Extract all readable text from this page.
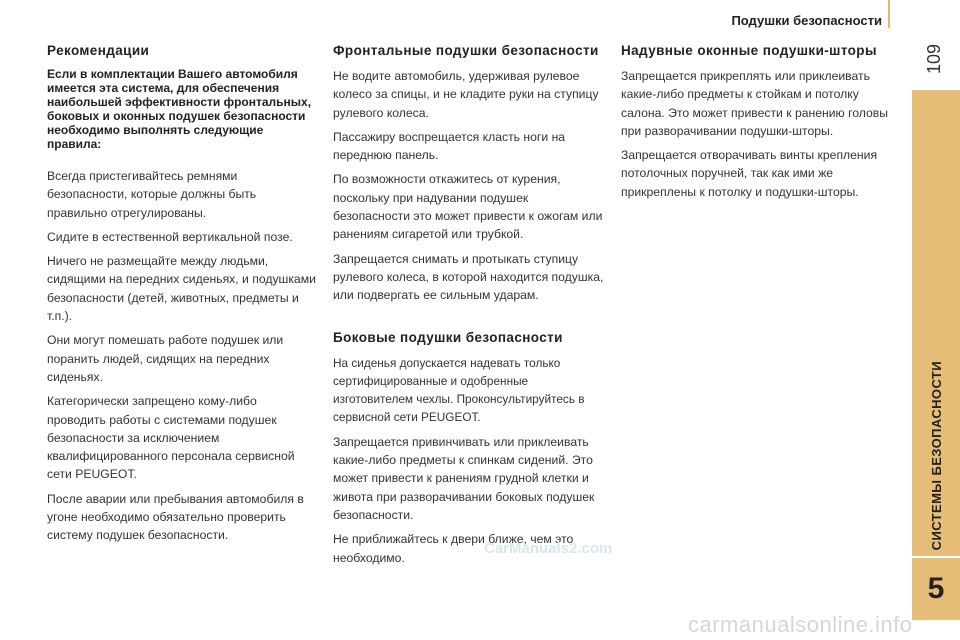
Подушки безопасности
109
СИСТЕМЫ БЕЗОПАСНОСТИ
5
Рекомендации
Если в комплектации Вашего автомобиля имеется эта система, для обеспечения наибольшей эффективности фронтальных, боковых и оконных подушек безопасности необходимо выполнять следующие правила:

Всегда пристегивайтесь ремнями безопасности, которые должны быть правильно отрегулированы.

Сидите в естественной вертикальной позе.

Ничего не размещайте между людьми, сидящими на передних сиденьях, и подушками безопасности (детей, животных, предметы и т.п.).

Они могут помешать работе подушек или поранить людей, сидящих на передних сиденьях.

Категорически запрещено кому-либо проводить работы с системами подушек безопасности за исключением квалифицированного персонала сервисной сети PEUGEOT.

После аварии или пребывания автомобиля в угоне необходимо обязательно проверить систему подушек безопасности.

Фронтальные подушки безопасности

Не водите автомобиль, удерживая рулевое колесо за спицы, и не кладите руки на ступицу рулевого колеса.

Пассажиру воспрещается класть ноги на переднюю панель.

По возможности откажитесь от курения, поскольку при надувании подушек безопасности это может привести к ожогам или ранениям сигаретой или трубкой.

Запрещается снимать и протыкать ступицу рулевого колеса, в которой находится подушка, или подвергать ее сильным ударам.

Боковые подушки безопасности

На сиденья допускается надевать только сертифицированные и одобренные изготовителем чехлы. Проконсультируйтесь в сервисной сети PEUGEOT.

Запрещается привинчивать или приклеивать какие-либо предметы к спинкам сидений. Это может привести к ранениям грудной клетки и живота при разворачивании боковых подушек безопасности.

Не приближайтесь к двери ближе, чем это необходимо.

Надувные оконные подушки-шторы

Запрещается прикреплять или приклеивать какие-либо предметы к стойкам и потолку салона. Это может привести к ранению головы при разворачивании подушки-шторы.

Запрещается отворачивать винты крепления потолочных поручней, так как ими же прикреплены к потолку и подушки-шторы.

CarManuals2.com
carmanualsonline.info
